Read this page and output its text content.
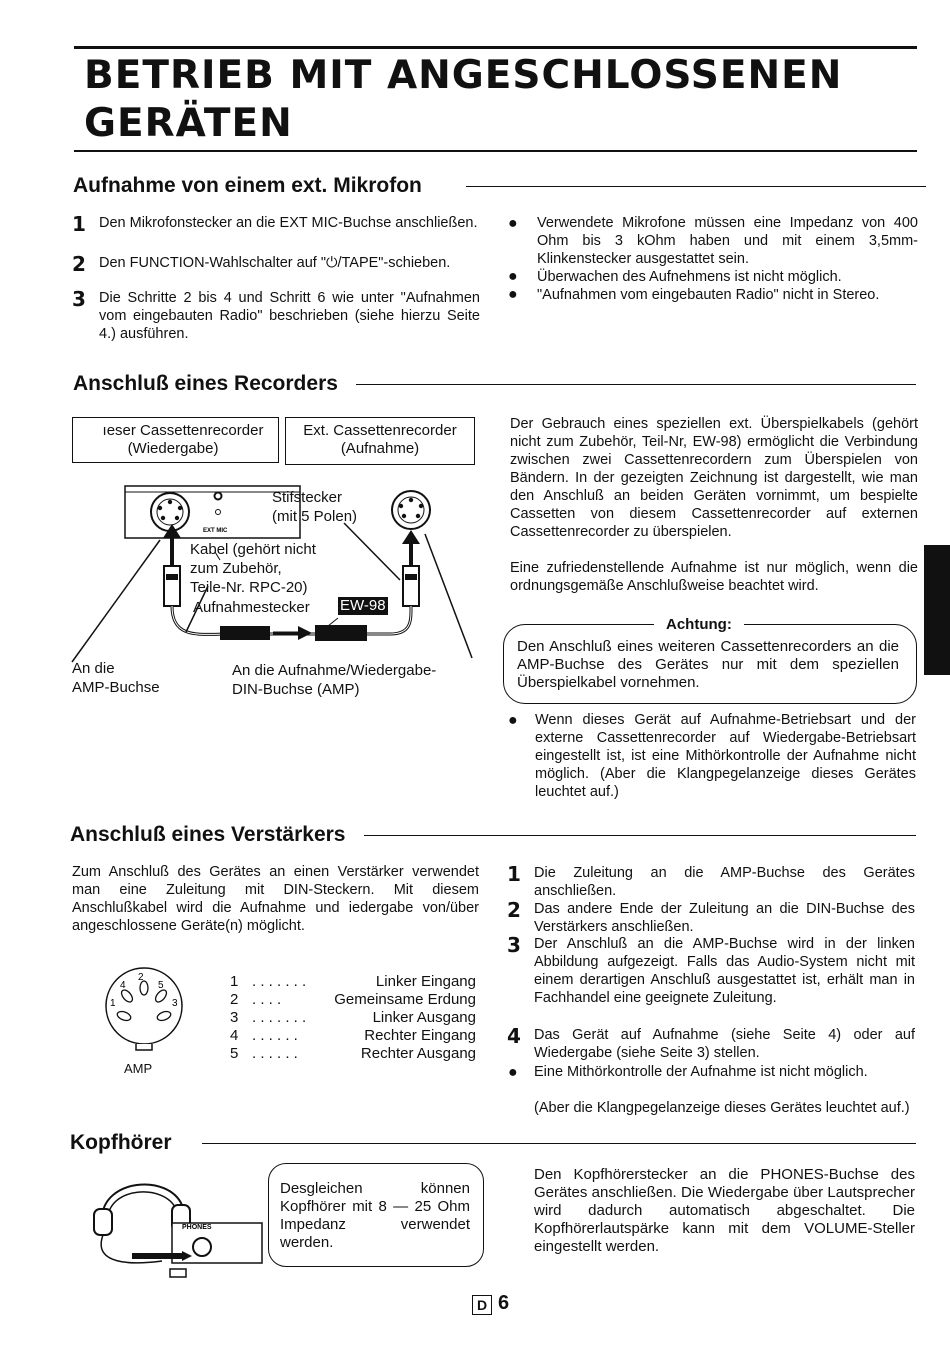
BETRIEB MIT ANGESCHLOSSENEN GERÄTEN
Aufnahme von einem ext. Mikrofon
1 Den Mikrofonstecker an die EXT MIC-Buchse anschließen.
2 Den FUNCTION-Wahlschalter auf "⏻/TAPE"-schieben.
3 Die Schritte 2 bis 4 und Schritt 6 wie unter "Aufnahmen vom eingebauten Radio" beschrieben (siehe hierzu Seite 4.) ausführen.
● Verwendete Mikrofone müssen eine Impedanz von 400 Ohm bis 3 kOhm haben und mit einem 3,5mm-Klinkenstecker ausgestattet sein.
● Überwachen des Aufnehmens ist nicht möglich.
● "Aufnahmen vom eingebauten Radio" nicht in Stereo.
Anschluß eines Recorders
ıeser Cassettenrecorder
(Wiedergabe)
Ext. Cassettenrecorder
(Aufnahme)
EXT MIC
Stifstecker
(mit 5 Polen)
Kabel (gehört nicht
zum Zubehör,
Teile-Nr. RPC-20)
Aufnahmestecker EW-98
An die
AMP-Buchse
An die Aufnahme/Wiedergabe-
DIN-Buchse (AMP)
Der Gebrauch eines speziellen ext. Überspielkabels (gehört nicht zum Zubehör, Teil-Nr, EW-98) ermöglicht die Verbindung zwischen zwei Cassettenrecordern zum Überspielen von Bändern. In der gezeigten Zeichnung ist dargestellt, wie man den Anschluß an beiden Geräten vornimmt, um bespielte Cassetten von diesem Cassettenrecorder auf externen Cassettenrecorder zu überspielen.
Eine zufriedenstellende Aufnahme ist nur möglich, wenn die ordnungsgemäße Anschlußweise beachtet wird.
Achtung:
Den Anschluß eines weiteren Cassettenrecorders an die AMP-Buchse des Gerätes nur mit dem speziellen Überspielkabel vornehmen.
● Wenn dieses Gerät auf Aufnahme-Betriebsart und der externe Cassettenrecorder auf Wiedergabe-Betriebsart eingestellt ist, ist eine Mithörkontrolle der Aufnahme nicht möglich. (Aber die Klangpegelanzeige dieses Gerätes leuchtet auf.)
Anschluß eines Verstärkers
Zum Anschluß des Gerätes an einen Verstärker verwendet man eine Zuleitung mit DIN-Steckern. Mit diesem Anschlußkabel wird die Aufnahme und iedergabe von/über angeschlossene Geräte(n) möglicht.
2
4	5
1	3
AMP
1 . . . . . . .	Linker Eingang
2 . . . .	Gemeinsame Erdung
3 . . . . . . .	Linker Ausgang
4 . . . . . .	Rechter Eingang
5 . . . . . .	Rechter Ausgang
1 Die Zuleitung an die AMP-Buchse des Gerätes anschließen.
2 Das andere Ende der Zuleitung an die DIN-Buchse des Verstärkers anschließen.
3 Der Anschluß an die AMP-Buchse wird in der linken Abbildung aufgezeigt. Falls das Audio-System nicht mit einem derartigen Anschluß ausgestattet ist, erhält man in Fachhandel eine geeignete Zuleitung.
4 Das Gerät auf Aufnahme (siehe Seite 4) oder auf Wiedergabe (siehe Seite 3) stellen.
● Eine Mithörkontrolle der Aufnahme ist nicht möglich.
(Aber die Klangpegelanzeige dieses Gerätes leuchtet auf.)
Kopfhörer
PHONES
Desgleichen können Kopfhörer mit 8 — 25 Ohm Impedanz verwendet werden.
Den Kopfhörerstecker an die PHONES-Buchse des Gerätes anschließen. Die Wiedergabe über Lautsprecher wird dadurch automatisch abgeschaltet. Die Kopfhörerlautspärke kann mit dem VOLUME-Steller eingestellt werden.
D 6
